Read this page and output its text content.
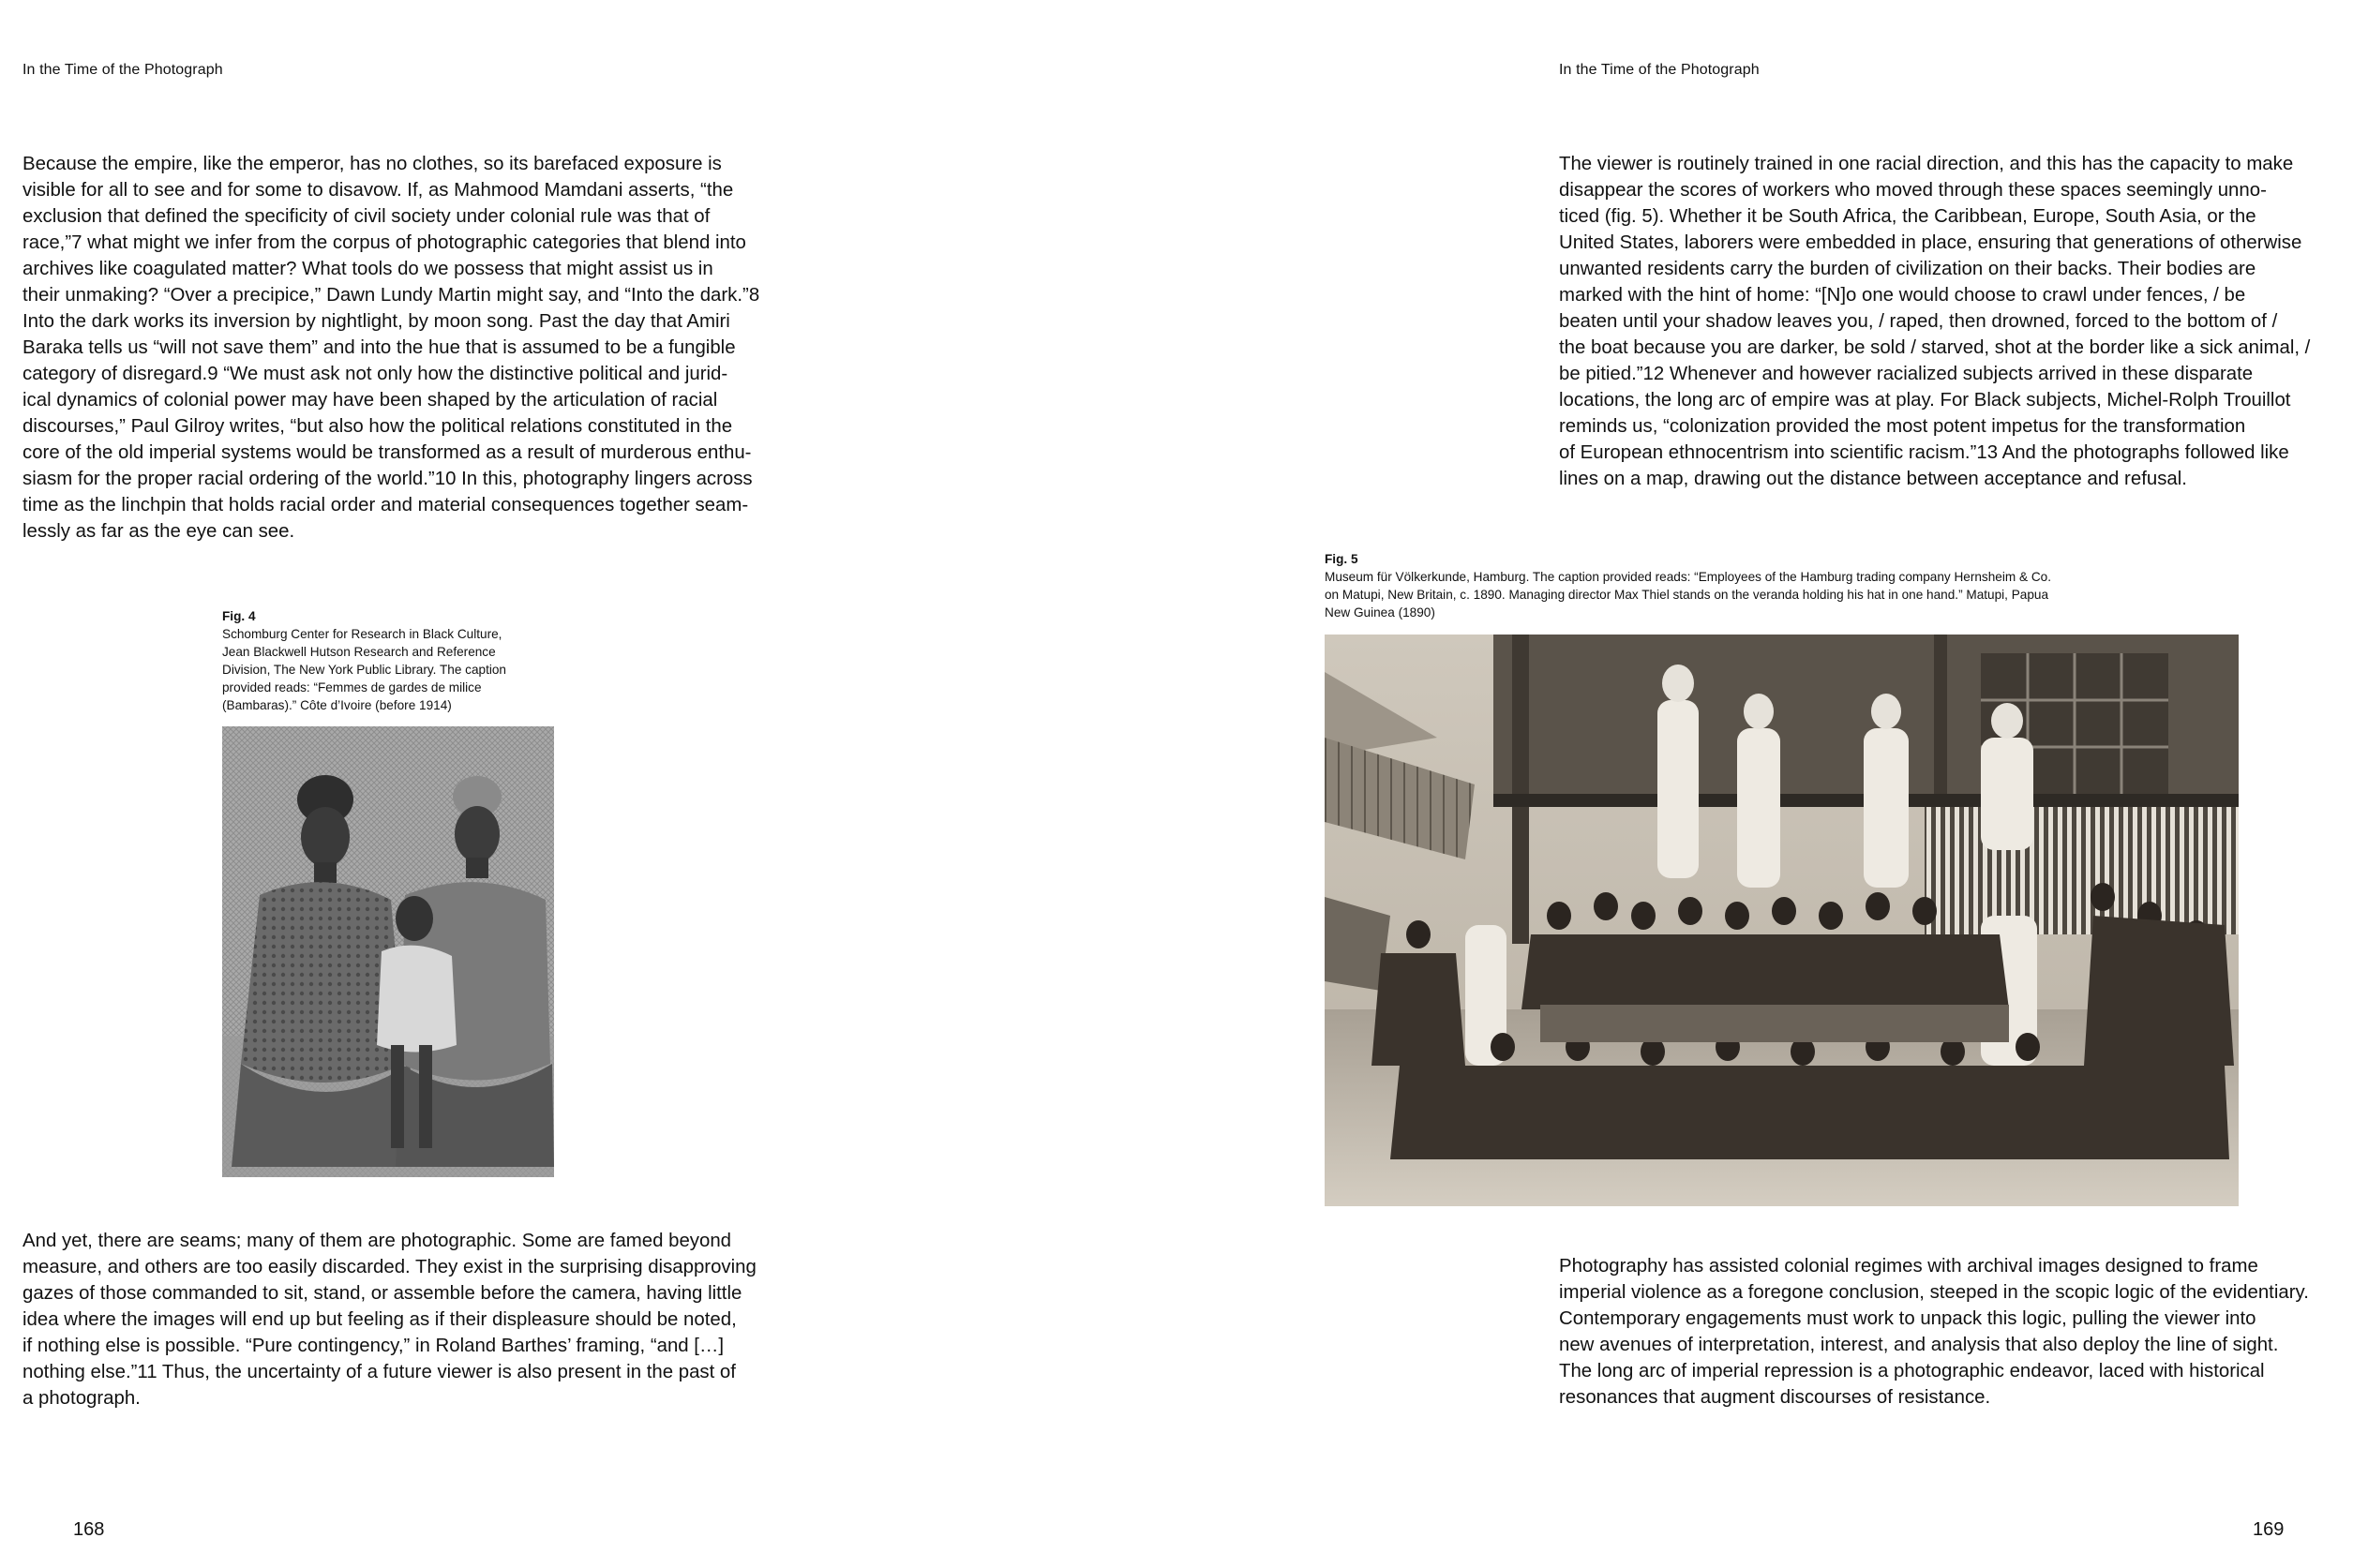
In the Time of the Photograph
Because the empire, like the emperor, has no clothes, so its barefaced exposure is
visible for all to see and for some to disavow. If, as Mahmood Mamdani asserts, “the
exclusion that defined the specificity of civil society under colonial rule was that of
race,”7 what might we infer from the corpus of photographic categories that blend into
archives like coagulated matter? What tools do we possess that might assist us in
their unmaking? “Over a precipice,” Dawn Lundy Martin might say, and “Into the dark.”8
Into the dark works its inversion by nightlight, by moon song. Past the day that Amiri
Baraka tells us “will not save them” and into the hue that is assumed to be a fungible
category of disregard.9 “We must ask not only how the distinctive political and jurid-
ical dynamics of colonial power may have been shaped by the articulation of racial
discourses,” Paul Gilroy writes, “but also how the political relations constituted in the
core of the old imperial systems would be transformed as a result of murderous enthu-
siasm for the proper racial ordering of the world.”10 In this, photography lingers across
time as the linchpin that holds racial order and material consequences together seam-
lessly as far as the eye can see.
Fig. 4
Schomburg Center for Research in Black Culture,
Jean Blackwell Hutson Research and Reference
Division, The New York Public Library. The caption
provided reads: “Femmes de gardes de milice
(Bambaras).” Côte d’Ivoire (before 1914)
And yet, there are seams; many of them are photographic. Some are famed beyond
measure, and others are too easily discarded. They exist in the surprising disapproving
gazes of those commanded to sit, stand, or assemble before the camera, having little
idea where the images will end up but feeling as if their displeasure should be noted,
if nothing else is possible. “Pure contingency,” in Roland Barthes’ framing, “and […]
nothing else.”11 Thus, the uncertainty of a future viewer is also present in the past of
a photograph.
168
In the Time of the Photograph
The viewer is routinely trained in one racial direction, and this has the capacity to make
disappear the scores of workers who moved through these spaces seemingly unno-
ticed (fig. 5). Whether it be South Africa, the Caribbean, Europe, South Asia, or the
United States, laborers were embedded in place, ensuring that generations of otherwise
unwanted residents carry the burden of civilization on their backs. Their bodies are
marked with the hint of home: “[N]o one would choose to crawl under fences, / be
beaten until your shadow leaves you, / raped, then drowned, forced to the bottom of /
the boat because you are darker, be sold / starved, shot at the border like a sick animal, /
be pitied.”12 Whenever and however racialized subjects arrived in these disparate
locations, the long arc of empire was at play. For Black subjects, Michel-Rolph Trouillot
reminds us, “colonization provided the most potent impetus for the transformation
of European ethnocentrism into scientific racism.”13 And the photographs followed like
lines on a map, drawing out the distance between acceptance and refusal.
Fig. 5
Museum für Völkerkunde, Hamburg. The caption provided reads: “Employees of the Hamburg trading company Hernsheim & Co.
on Matupi, New Britain, c. 1890. Managing director Max Thiel stands on the veranda holding his hat in one hand.” Matupi, Papua
New Guinea (1890)
Photography has assisted colonial regimes with archival images designed to frame
imperial violence as a foregone conclusion, steeped in the scopic logic of the evidentiary.
Contemporary engagements must work to unpack this logic, pulling the viewer into
new avenues of interpretation, interest, and analysis that also deploy the line of sight.
The long arc of imperial repression is a photographic endeavor, laced with historical
resonances that augment discourses of resistance.
169
